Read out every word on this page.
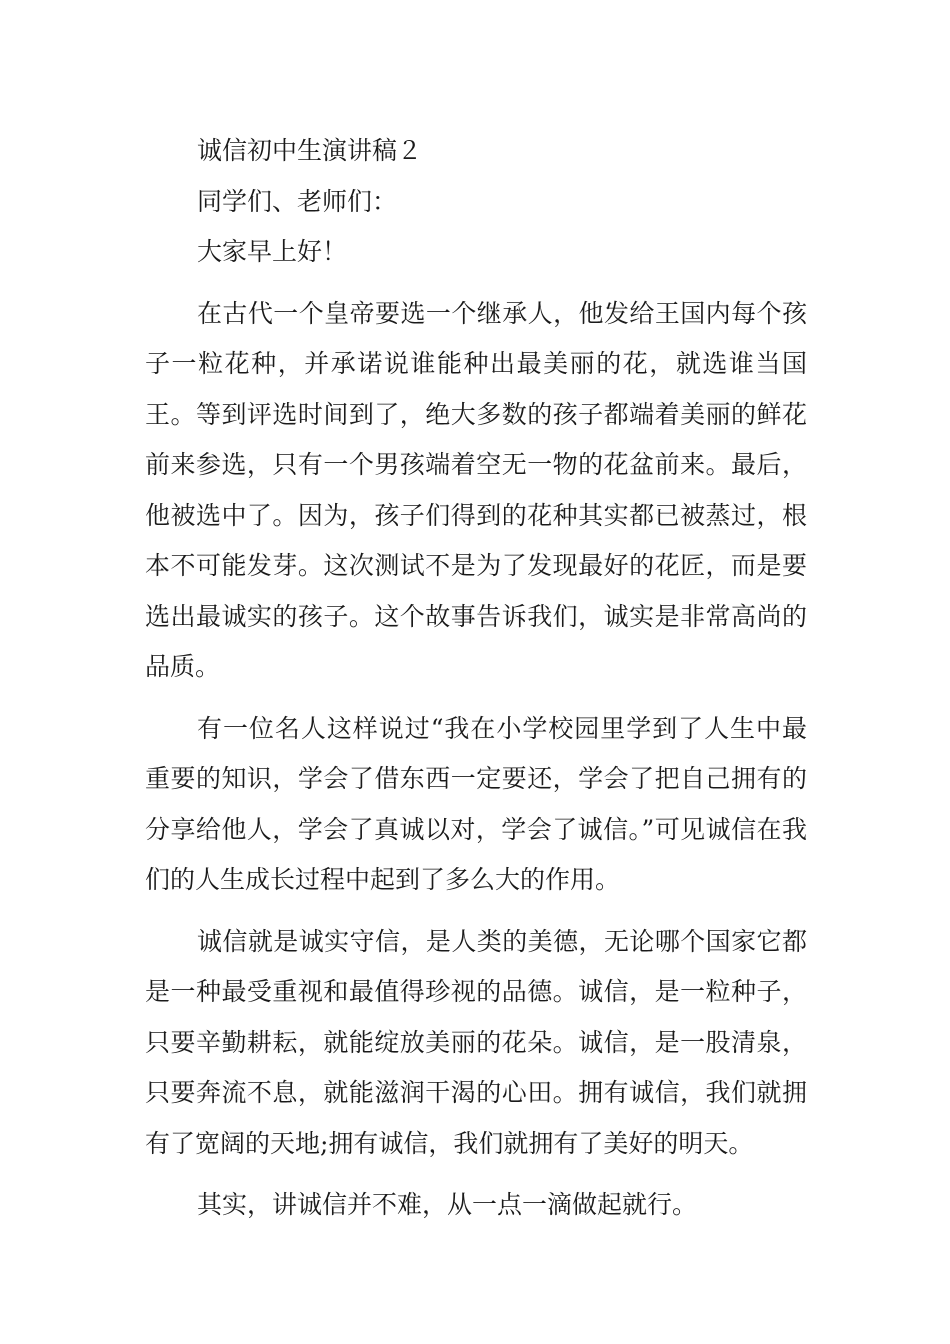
诚信初中生演讲稿２

同学们、老师们：

大家早上好！

在古代一个皇帝要选一个继承人，他发给王国内每个孩子一粒花种，并承诺说谁能种出最美丽的花，就选谁当国王。等到评选时间到了，绝大多数的孩子都端着美丽的鲜花前来参选，只有一个男孩端着空无一物的花盆前来。最后，他被选中了。因为，孩子们得到的花种其实都已被蒸过，根本不可能发芽。这次测试不是为了发现最好的花匠，而是要选出最诚实的孩子。这个故事告诉我们，诚实是非常高尚的品质。

有一位名人这样说过“我在小学校园里学到了人生中最重要的知识，学会了借东西一定要还，学会了把自己拥有的分享给他人，学会了真诚以对，学会了诚信。”可见诚信在我们的人生成长过程中起到了多么大的作用。

诚信就是诚实守信，是人类的美德，无论哪个国家它都是一种最受重视和最值得珍视的品德。诚信，是一粒种子，只要辛勤耕耘，就能绽放美丽的花朵。诚信，是一股清泉，只要奔流不息，就能滋润干渴的心田。拥有诚信，我们就拥有了宽阔的天地;拥有诚信，我们就拥有了美好的明天。

其实，讲诚信并不难，从一点一滴做起就行。
